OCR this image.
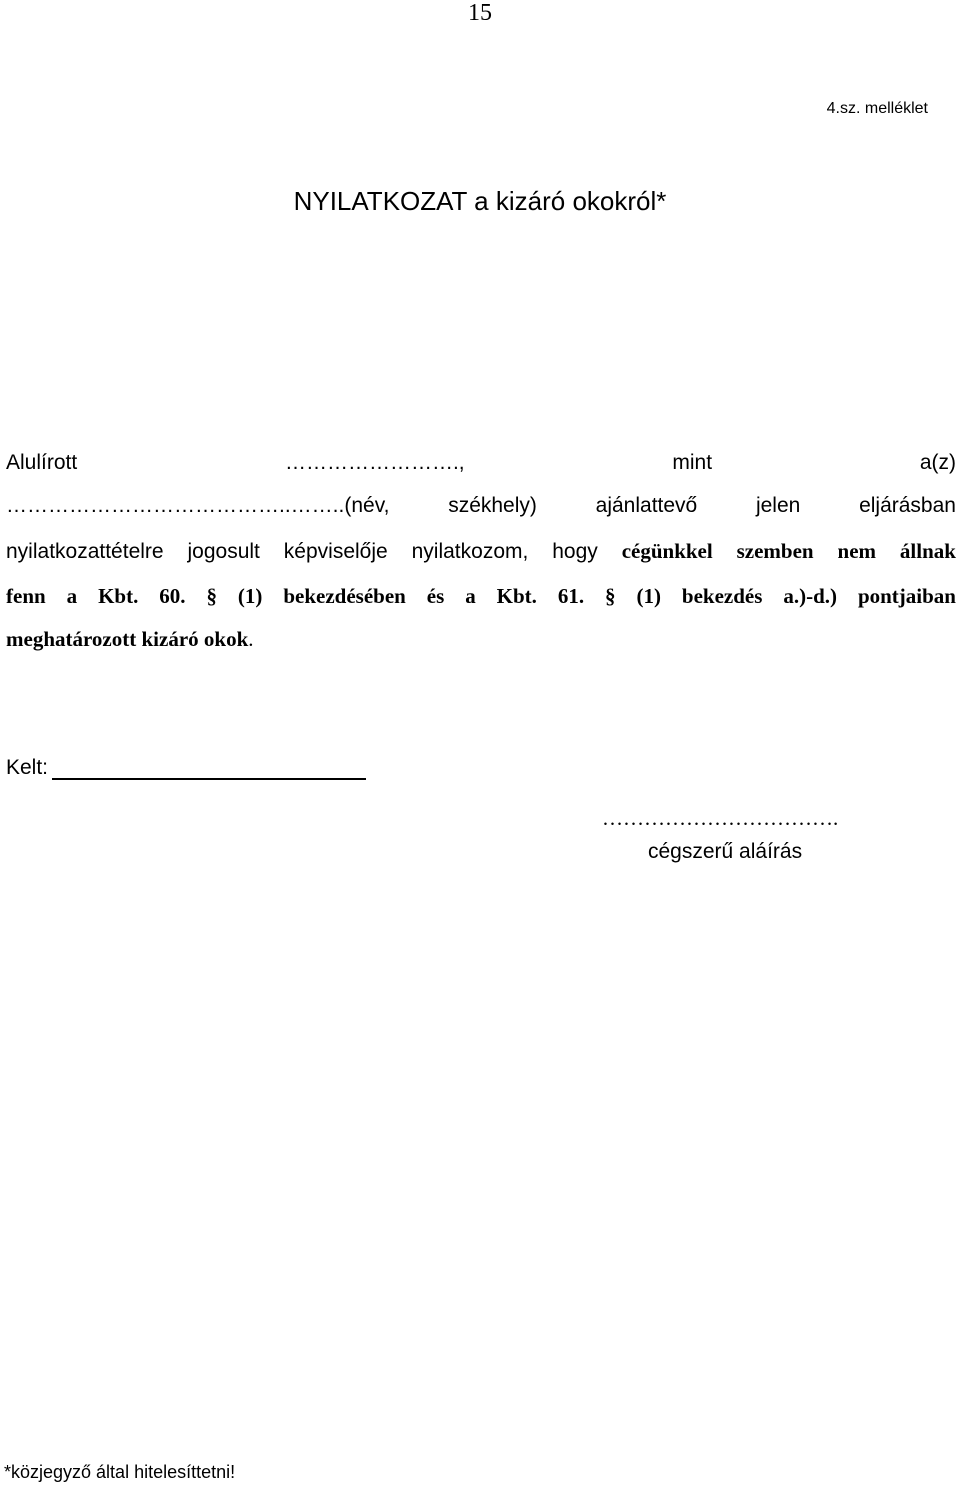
15
4.sz. melléklet
NYILATKOZAT a kizáró okokról*
Alulírott	…………………….,	mint	a(z)
…………………………………..……..(név,	székhely)	ajánlattevő	jelen	eljárásban
nyilatkozattételre jogosult képviselője nyilatkozom, hogy cégünkkel szemben nem állnak
fenn a Kbt. 60. § (1) bekezdésében és a Kbt. 61. § (1) bekezdés a.)-d.) pontjaiban
meghatározott kizáró okok .
Kelt:
…………………………….
cégszerű aláírás
*közjegyző által hitelesíttetni!
